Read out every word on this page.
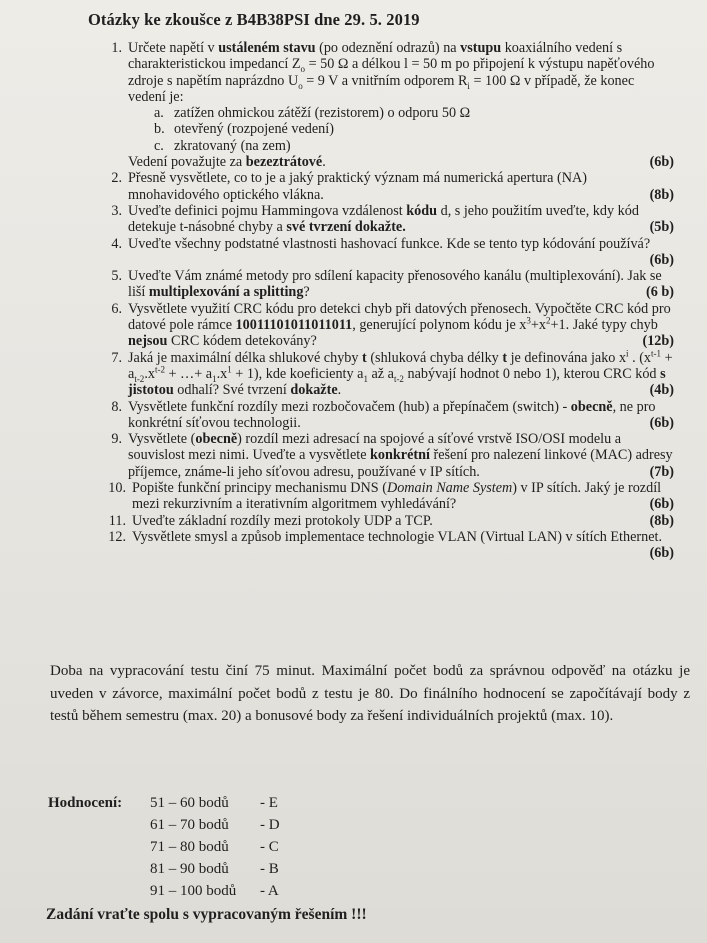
Otázky ke zkoušce z B4B38PSI dne 29. 5. 2019
1. Určete napětí v ustáleném stavu (po odeznění odrazů) na vstupu koaxiálního vedení s charakteristickou impedancí $Z_o = 50$ Ω a délkou l = 50 m po připojení k výstupu napěťového zdroje s napětím naprázdno $U_o = 9$ V a vnitřním odporem $R_i = 100$ Ω v případě, že konec vedení je:
a. zatížen ohmickou zátěží (rezistorem) o odporu 50 Ω
b. otevřený (rozpojené vedení)
c. zkratovaný (na zem)
Vedení považujte za bezeztrátové.	(6b)
2. Přesně vysvětlete, co to je a jaký praktický význam má numerická apertura (NA) mnohavidového optického vlákna.	(8b)
3. Uveďte definici pojmu Hammingova vzdálenost kódu d, s jeho použitím uveďte, kdy kód detekuje t-násobné chyby a své tvrzení dokažte.	(5b)
4. Uveďte všechny podstatné vlastnosti hashovací funkce. Kde se tento typ kódování používá?
(6b)
5. Uveďte Vám známé metody pro sdílení kapacity přenosového kanálu (multiplexování). Jak se liší multiplexování a splitting?	(6 b)
6. Vysvětlete využití CRC kódu pro detekci chyb při datových přenosech. Vypočtěte CRC kód pro datové pole rámce 10011101011011011, generující polynom kódu je $x^3+x^2+1$. Jaké typy chyb nejsou CRC kódem detekovány?	(12b)
7. Jaká je maximální délka shlukové chyby t (shluková chyba délky t je definována jako $x^i$ . ($x^{t-1} + a_{t-2}.x^{t-2}$ + …+ $a_1.x^1 + 1$), kde koeficienty $a_1$ až $a_{t-2}$ nabývají hodnot 0 nebo 1), kterou CRC kód s jistotou odhalí? Své tvrzení dokažte.	(4b)
8. Vysvětlete funkční rozdíly mezi rozbočovačem (hub) a přepínačem (switch) - obecně, ne pro konkrétní síťovou technologii.	(6b)
9. Vysvětlete (obecně) rozdíl mezi adresací na spojové a síťové vrstvě ISO/OSI modelu a souvislost mezi nimi. Uveďte a vysvětlete konkrétní řešení pro nalezení linkové (MAC) adresy příjemce, známe-li jeho síťovou adresu, používané v IP sítích.	(7b)
10. Popište funkční principy mechanismu DNS (Domain Name System) v IP sítích. Jaký je rozdíl mezi rekurzivním a iterativním algoritmem vyhledávání?	(6b)
11. Uveďte základní rozdíly mezi protokoly UDP a TCP.	(8b)
12. Vysvětlete smysl a způsob implementace technologie VLAN (Virtual LAN) v sítích Ethernet.
(6b)
Doba na vypracování testu činí 75 minut. Maximální počet bodů za správnou odpověď na otázku je uveden v závorce, maximální počet bodů z testu je 80. Do finálního hodnocení se započítávají body z testů během semestru (max. 20) a bonusové body za řešení individuálních projektů (max. 10).
Hodnocení: 51 – 60 bodů - E
61 – 70 bodů - D
71 – 80 bodů - C
81 – 90 bodů - B
91 – 100 bodů - A
Zadání vraťte spolu s vypracovaným řešením !!!
